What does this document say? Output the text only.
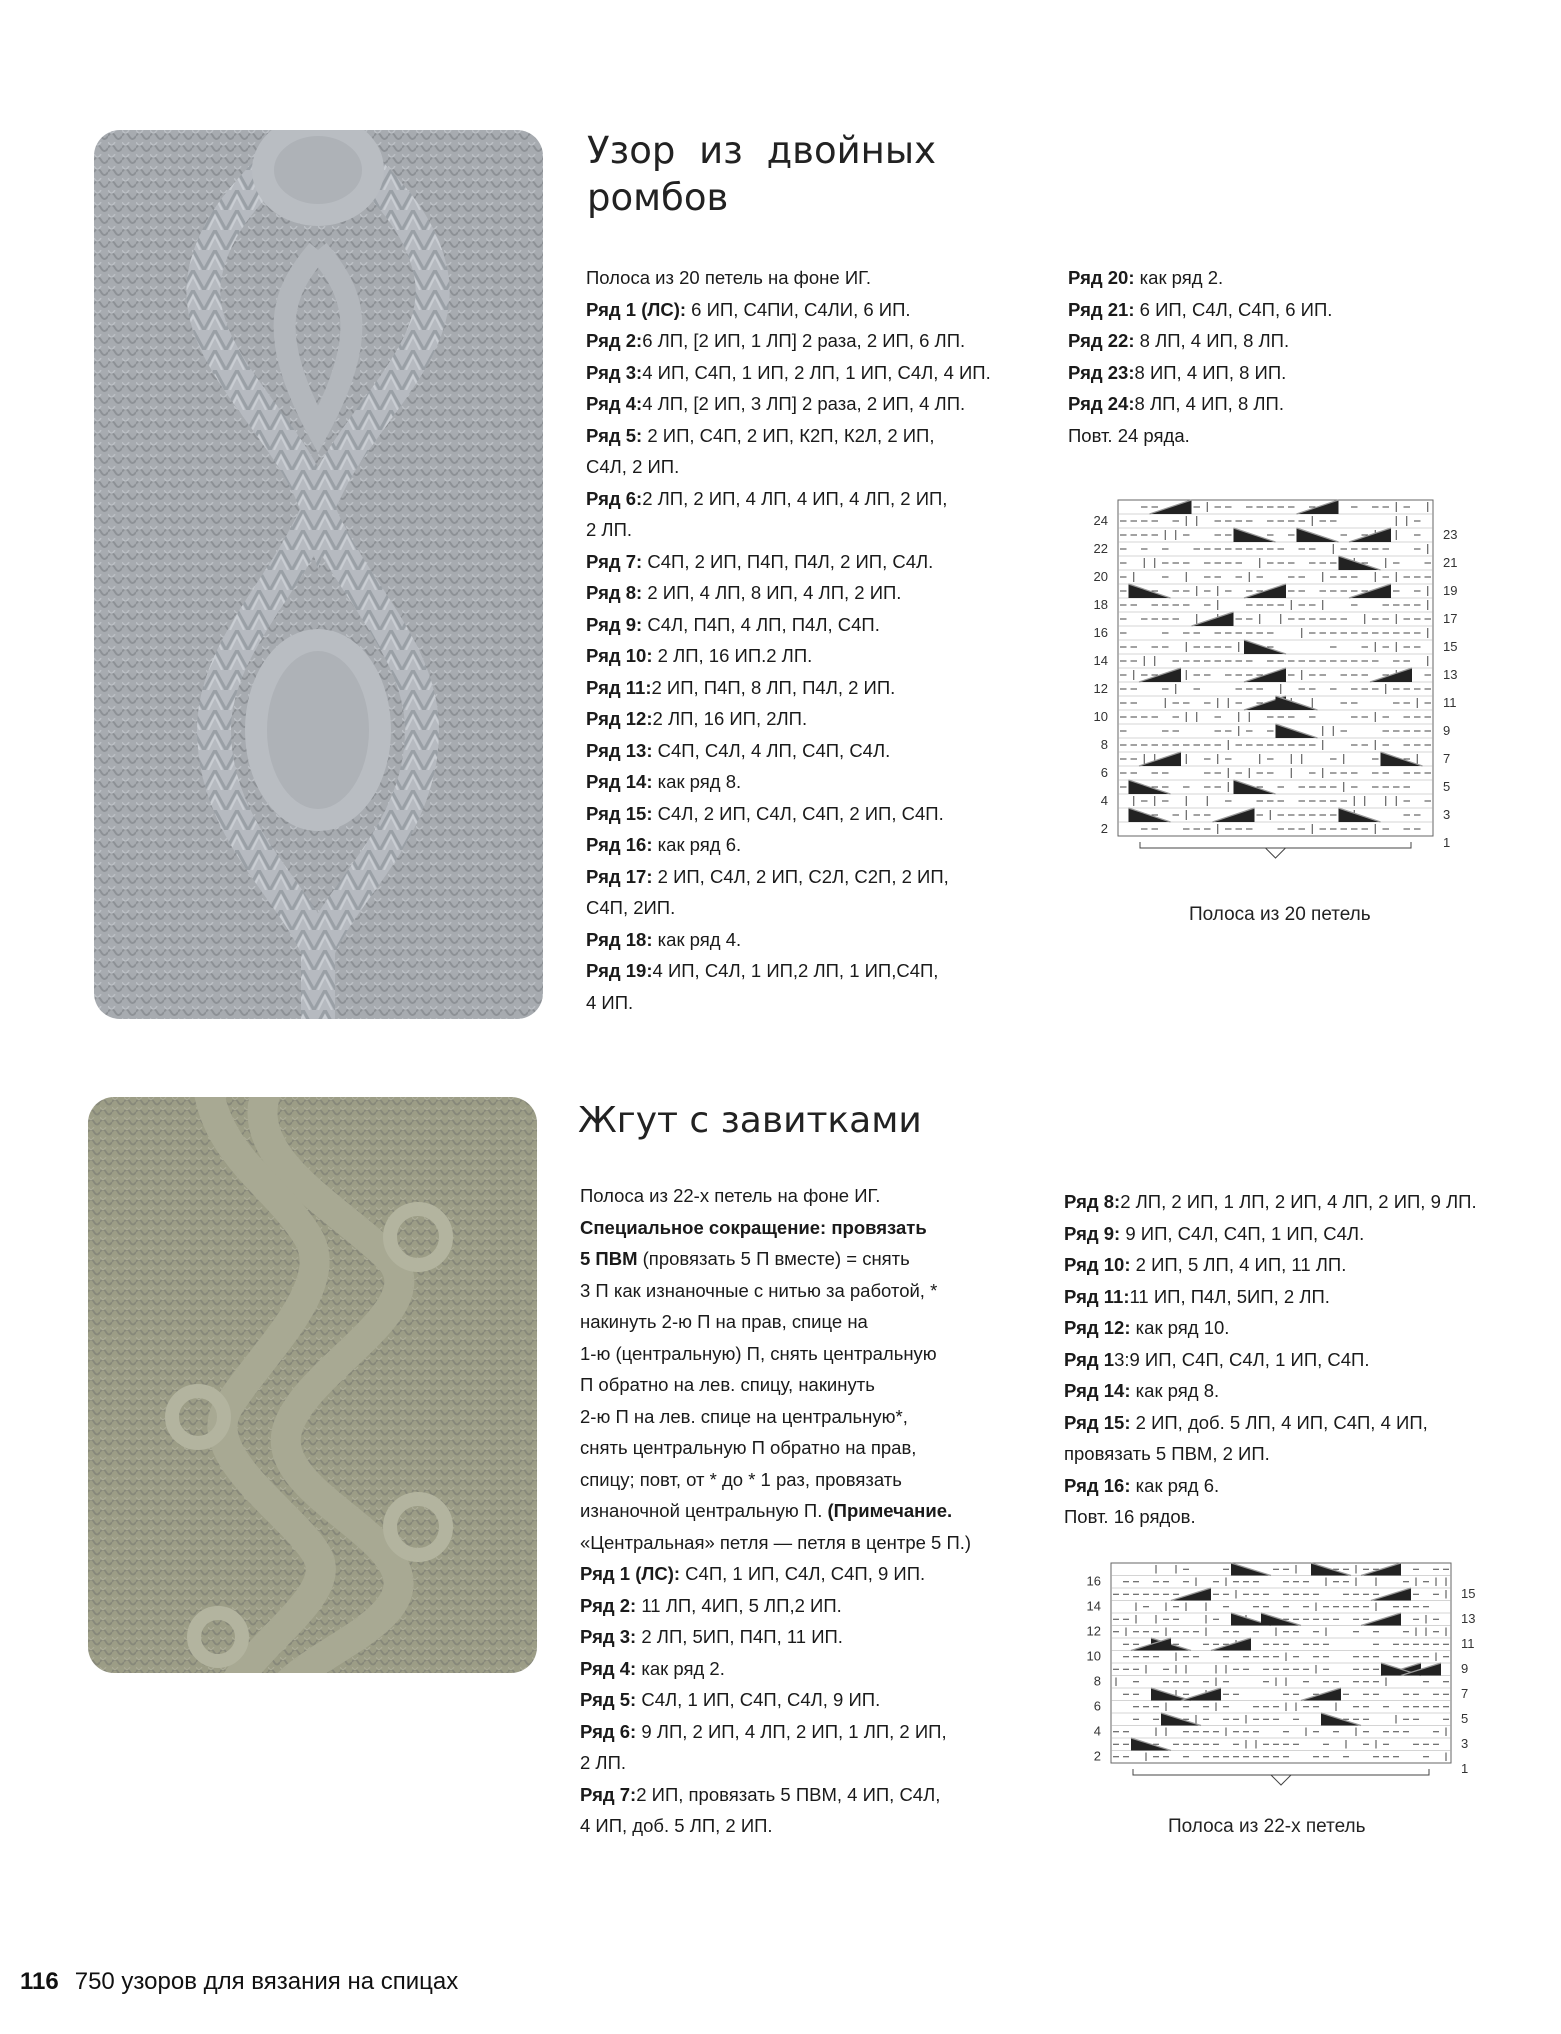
Узор из двойных
ромбов

Полоса из 20 петель на фоне ИГ.

Ряд 1 (ЛС): 6 ИП, С4ПИ, С4ЛИ, 6 ИП.

Ряд 2:6 ЛП, [2 ИП, 1 ЛП] 2 раза, 2 ИП, 6 ЛП.

Ряд 3:4 ИП, С4П, 1 ИП, 2 ЛП, 1 ИП, С4Л, 4 ИП.

Ряд 4:4 ЛП, [2 ИП, 3 ЛП] 2 раза, 2 ИП, 4 ЛП.

Ряд 5: 2 ИП, С4П, 2 ИП, К2П, К2Л, 2 ИП,

С4Л, 2 ИП.

Ряд 6:2 ЛП, 2 ИП, 4 ЛП, 4 ИП, 4 ЛП, 2 ИП,

2 ЛП.

Ряд 7: С4П, 2 ИП, П4П, П4Л, 2 ИП, С4Л.

Ряд 8: 2 ИП, 4 ЛП, 8 ИП, 4 ЛП, 2 ИП.

Ряд 9: С4Л, П4П, 4 ЛП, П4Л, С4П.

Ряд 10: 2 ЛП, 16 ИП.2 ЛП.

Ряд 11:2 ИП, П4П, 8 ЛП, П4Л, 2 ИП.

Ряд 12:2 ЛП, 16 ИП, 2ЛП.

Ряд 13: С4П, С4Л, 4 ЛП, С4П, С4Л.

Ряд 14: как ряд 8.

Ряд 15: С4Л, 2 ИП, С4Л, С4П, 2 ИП, С4П.

Ряд 16: как ряд 6.

Ряд 17: 2 ИП, С4Л, 2 ИП, С2Л, С2П, 2 ИП,

С4П, 2ИП.

Ряд 18: как ряд 4.

Ряд 19:4 ИП, С4Л, 1 ИП,2 ЛП, 1 ИП,С4П,

4 ИП.

Ряд 20: как ряд 2.

Ряд 21: 6 ИП, С4Л, С4П, 6 ИП.

Ряд 22: 8 ЛП, 4 ИП, 8 ЛП.

Ряд 23:8 ИП, 4 ИП, 8 ИП.

Ряд 24:8 ЛП, 4 ИП, 8 ЛП.

Повт. 24 ряда.

24
22
20
18
16
14
12
10
8
6
4
2
23
21
19
17
15
13
11
9
7
5
3
1
Полоса из 20 петель
Жгут с завитками

Полоса из 22-х петель на фоне ИГ.

Специальное сокращение: провязать

5 ПВМ (провязать 5 П вместе) = снять

3 П как изнаночные с нитью за работой, *

накинуть 2-ю П на прав, спице на

1-ю (центральную) П, снять центральную

П обратно на лев. спицу, накинуть

2-ю П на лев. спице на центральную*,

снять центральную П обратно на прав,

спицу; повт, от * до * 1 раз, провязать

изнаночной центральную П. (Примечание.

«Центральная» петля — петля в центре 5 П.)

Ряд 1 (ЛС): С4П, 1 ИП, С4Л, С4П, 9 ИП.

Ряд 2: 11 ЛП, 4ИП, 5 ЛП,2 ИП.

Ряд 3: 2 ЛП, 5ИП, П4П, 11 ИП.

Ряд 4: как ряд 2.

Ряд 5: С4Л, 1 ИП, С4П, С4Л, 9 ИП.

Ряд 6: 9 ЛП, 2 ИП, 4 ЛП, 2 ИП, 1 ЛП, 2 ИП,

2 ЛП.

Ряд 7:2 ИП, провязать 5 ПВМ, 4 ИП, С4Л,

4 ИП, доб. 5 ЛП, 2 ИП.

Ряд 8:2 ЛП, 2 ИП, 1 ЛП, 2 ИП, 4 ЛП, 2 ИП, 9 ЛП.

Ряд 9: 9 ИП, С4Л, С4П, 1 ИП, С4Л.

Ряд 10: 2 ИП, 5 ЛП, 4 ИП, 11 ЛП.

Ряд 11:11 ИП, П4Л, 5ИП, 2 ЛП.

Ряд 12: как ряд 10.

Ряд 13:9 ИП, С4П, С4Л, 1 ИП, С4П.

Ряд 14: как ряд 8.

Ряд 15: 2 ИП, доб. 5 ЛП, 4 ИП, С4П, 4 ИП,

провязать 5 ПВМ, 2 ИП.

Ряд 16: как ряд 6.

Повт. 16 рядов.

16
14
12
10
8
6
4
2
15
13
11
9
7
5
3
1
Полоса из 22-х петель
116 750 узоров для вязания на спицах
